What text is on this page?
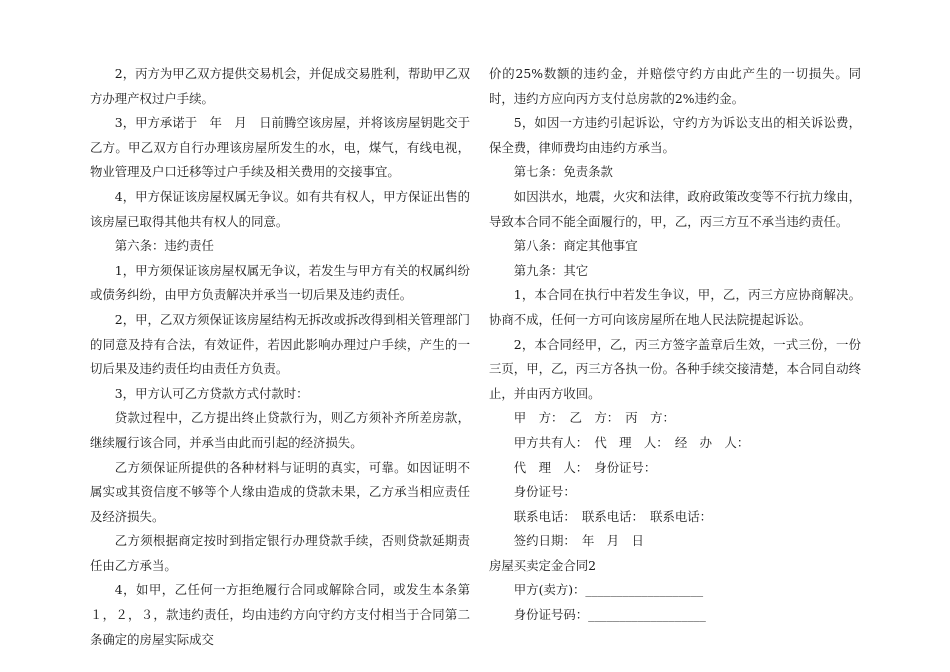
2，丙方为甲乙双方提供交易机会，并促成交易胜利，帮助甲乙双方办理产权过户手续。

3，甲方承诺于　年　月　日前腾空该房屋，并将该房屋钥匙交于乙方。甲乙双方自行办理该房屋所发生的水，电，煤气，有线电视，物业管理及户口迁移等过户手续及相关费用的交接事宜。

4，甲方保证该房屋权属无争议。如有共有权人，甲方保证出售的该房屋已取得其他共有权人的同意。

第六条：违约责任

1，甲方须保证该房屋权属无争议，若发生与甲方有关的权属纠纷或债务纠纷，由甲方负责解决并承当一切后果及违约责任。

2，甲，乙双方须保证该房屋结构无拆改或拆改得到相关管理部门的同意及持有合法，有效证件，若因此影响办理过户手续，产生的一切后果及违约责任均由责任方负责。

3，甲方认可乙方贷款方式付款时：

贷款过程中，乙方提出终止贷款行为，则乙方须补齐所差房款，继续履行该合同，并承当由此而引起的经济损失。

乙方须保证所提供的各种材料与证明的真实，可靠。如因证明不属实或其资信度不够等个人缘由造成的贷款未果，乙方承当相应责任及经济损失。

乙方须根据商定按时到指定银行办理贷款手续，否则贷款延期责任由乙方承当。

4，如甲，乙任何一方拒绝履行合同或解除合同，或发生本条第１，２，３，款违约责任，均由违约方向守约方支付相当于合同第二条确定的房屋实际成交

价的25%数额的违约金，并赔偿守约方由此产生的一切损失。同时，违约方应向丙方支付总房款的2%违约金。

5，如因一方违约引起诉讼，守约方为诉讼支出的相关诉讼费，保全费，律师费均由违约方承当。

第七条：免责条款

如因洪水，地震，火灾和法律，政府政策改变等不行抗力缘由，导致本合同不能全面履行的，甲，乙，丙三方互不承当违约责任。

第八条：商定其他事宜

第九条：其它

1，本合同在执行中若发生争议，甲，乙，丙三方应协商解决。协商不成，任何一方可向该房屋所在地人民法院提起诉讼。

2，本合同经甲，乙，丙三方签字盖章后生效，一式三份，一份三页，甲，乙，丙三方各执一份。各种手续交接清楚，本合同自动终止，并由丙方收回。

甲　方：　乙　方：　丙　方：

甲方共有人：　代　理　人：　经　办　人：

代　理　人：　身份证号：

身份证号：

联系电话：　联系电话：　联系电话：

签约日期：　年　月　日

房屋买卖定金合同2

甲方(卖方)：___________________

身份证号码：___________________
